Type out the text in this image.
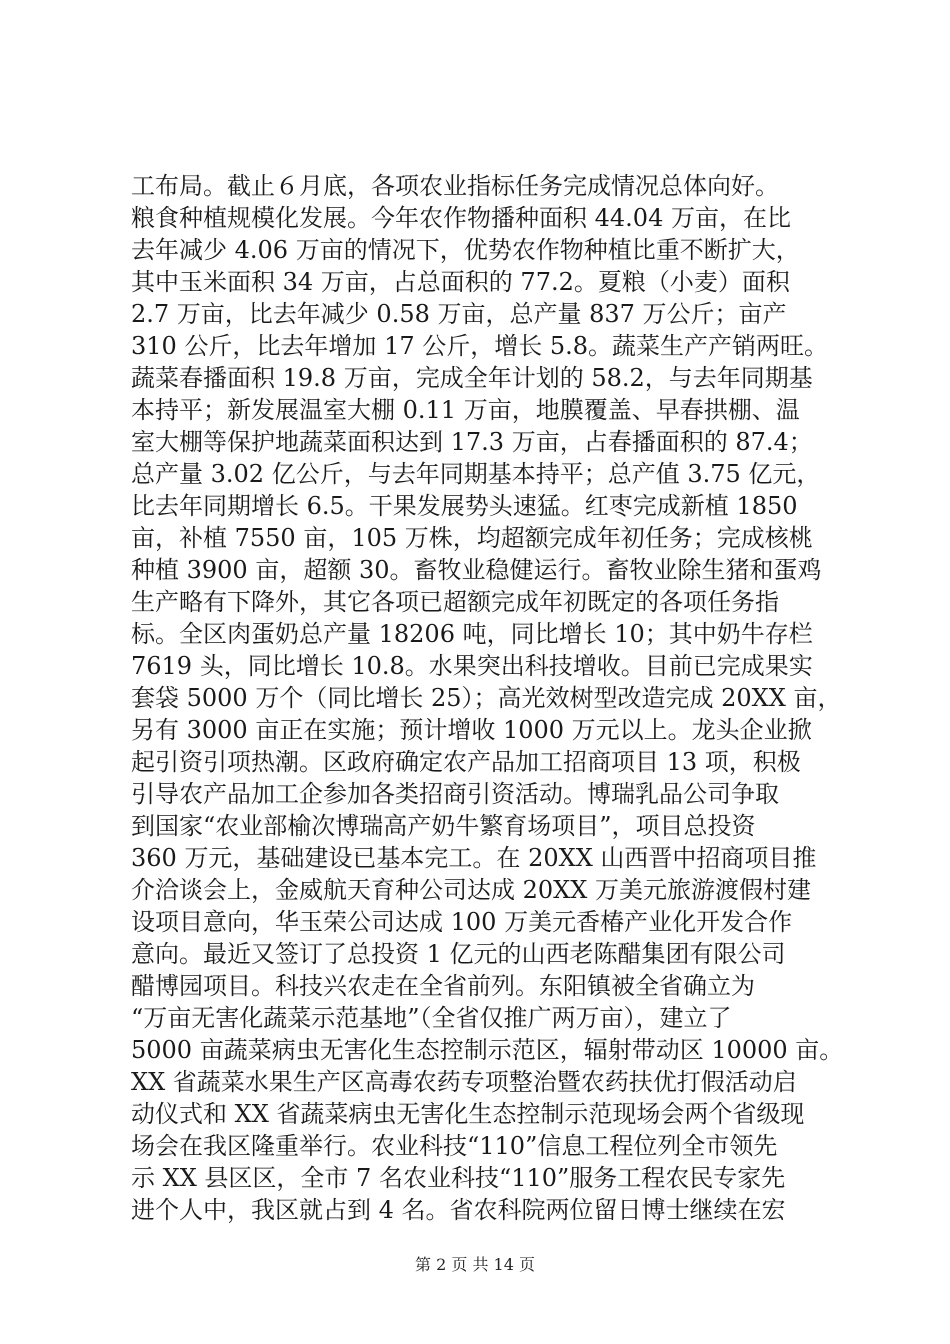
工布局。截止６月底，各项农业指标任务完成情况总体向好。
粮食种植规模化发展。今年农作物播种面积 44.04 万亩，在比
去年减少 4.06 万亩的情况下，优势农作物种植比重不断扩大，
其中玉米面积 34 万亩，占总面积的 77.2。夏粮（小麦）面积
2.7 万亩，比去年减少 0.58 万亩，总产量 837 万公斤；亩产
310 公斤，比去年增加 17 公斤，增长 5.8。蔬菜生产产销两旺。
蔬菜春播面积 19.8 万亩，完成全年计划的 58.2，与去年同期基
本持平；新发展温室大棚 0.11 万亩，地膜覆盖、早春拱棚、温
室大棚等保护地蔬菜面积达到 17.3 万亩，占春播面积的 87.4；
总产量 3.02 亿公斤，与去年同期基本持平；总产值 3.75 亿元，
比去年同期增长 6.5。干果发展势头速猛。红枣完成新植 1850
亩，补植 7550 亩，105 万株，均超额完成年初任务；完成核桃
种植 3900 亩，超额 30。畜牧业稳健运行。畜牧业除生猪和蛋鸡
生产略有下降外，其它各项已超额完成年初既定的各项任务指
标。全区肉蛋奶总产量 18206 吨，同比增长 10；其中奶牛存栏
7619 头，同比增长 10.8。水果突出科技增收。目前已完成果实
套袋 5000 万个（同比增长 25）；高光效树型改造完成 20XX 亩，
另有 3000 亩正在实施；预计增收 1000 万元以上。龙头企业掀
起引资引项热潮。区政府确定农产品加工招商项目 13 项，积极
引导农产品加工企参加各类招商引资活动。博瑞乳品公司争取
到国家“农业部榆次博瑞高产奶牛繁育场项目”，项目总投资
360 万元，基础建设已基本完工。在 20XX 山西晋中招商项目推
介洽谈会上，金威航天育种公司达成 20XX 万美元旅游渡假村建
设项目意向，华玉荣公司达成 100 万美元香椿产业化开发合作
意向。最近又签订了总投资 1 亿元的山西老陈醋集团有限公司
醋博园项目。科技兴农走在全省前列。东阳镇被全省确立为
“万亩无害化蔬菜示范基地”（全省仅推广两万亩），建立了
5000 亩蔬菜病虫无害化生态控制示范区，辐射带动区 10000 亩。
XX 省蔬菜水果生产区高毒农药专项整治暨农药扶优打假活动启
动仪式和 XX 省蔬菜病虫无害化生态控制示范现场会两个省级现
场会在我区隆重举行。农业科技“110”信息工程位列全市领先
示 XX 县区区，全市 7 名农业科技“110”服务工程农民专家先
进个人中，我区就占到 4 名。省农科院两位留日博士继续在宏
第 2 页 共 14 页
